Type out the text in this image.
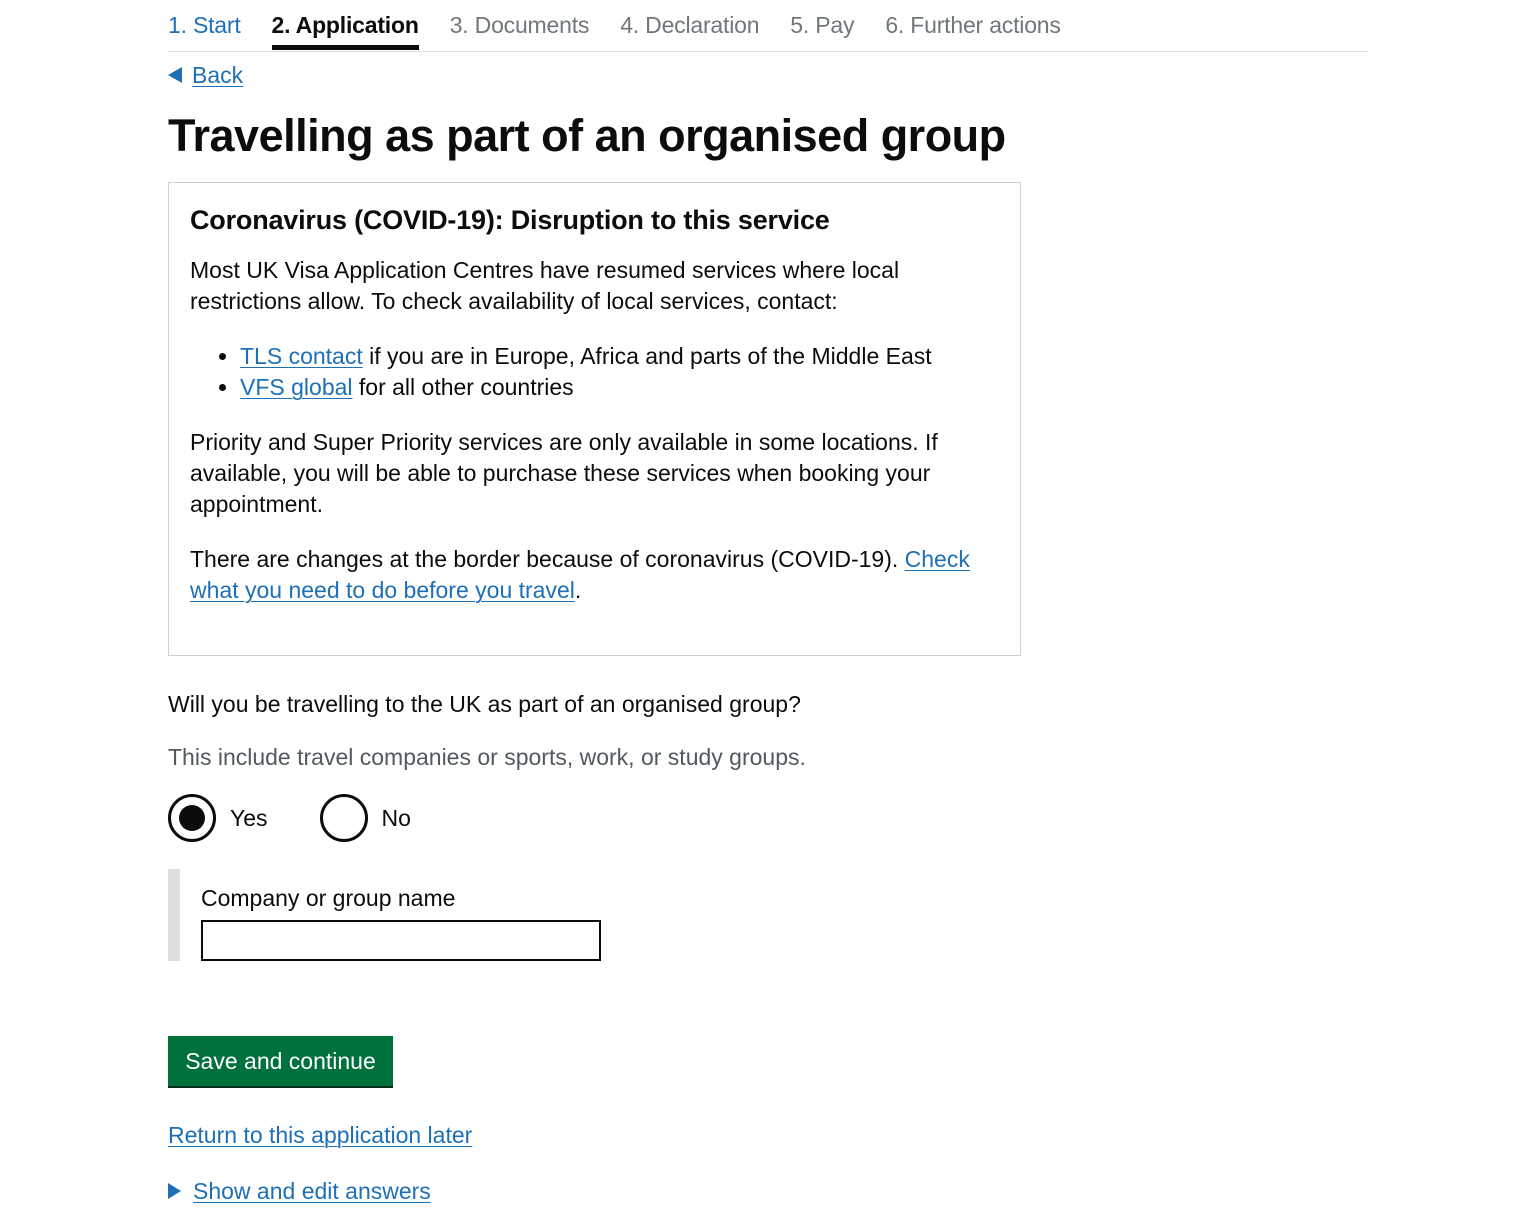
1. Start 2. Application 3. Documents 4. Declaration 5. Pay 6. Further actions
Back
Travelling as part of an organised group
Coronavirus (COVID-19): Disruption to this service

Most UK Visa Application Centres have resumed services where local restrictions allow. To check availability of local services, contact:

• TLS contact if you are in Europe, Africa and parts of the Middle East
• VFS global for all other countries

Priority and Super Priority services are only available in some locations. If available, you will be able to purchase these services when booking your appointment.

There are changes at the border because of coronavirus (COVID-19). Check what you need to do before you travel.

Will you be travelling to the UK as part of an organised group?

This include travel companies or sports, work, or study groups.

Yes	No
Company or group name
Save and continue
Return to this application later
Show and edit answers
